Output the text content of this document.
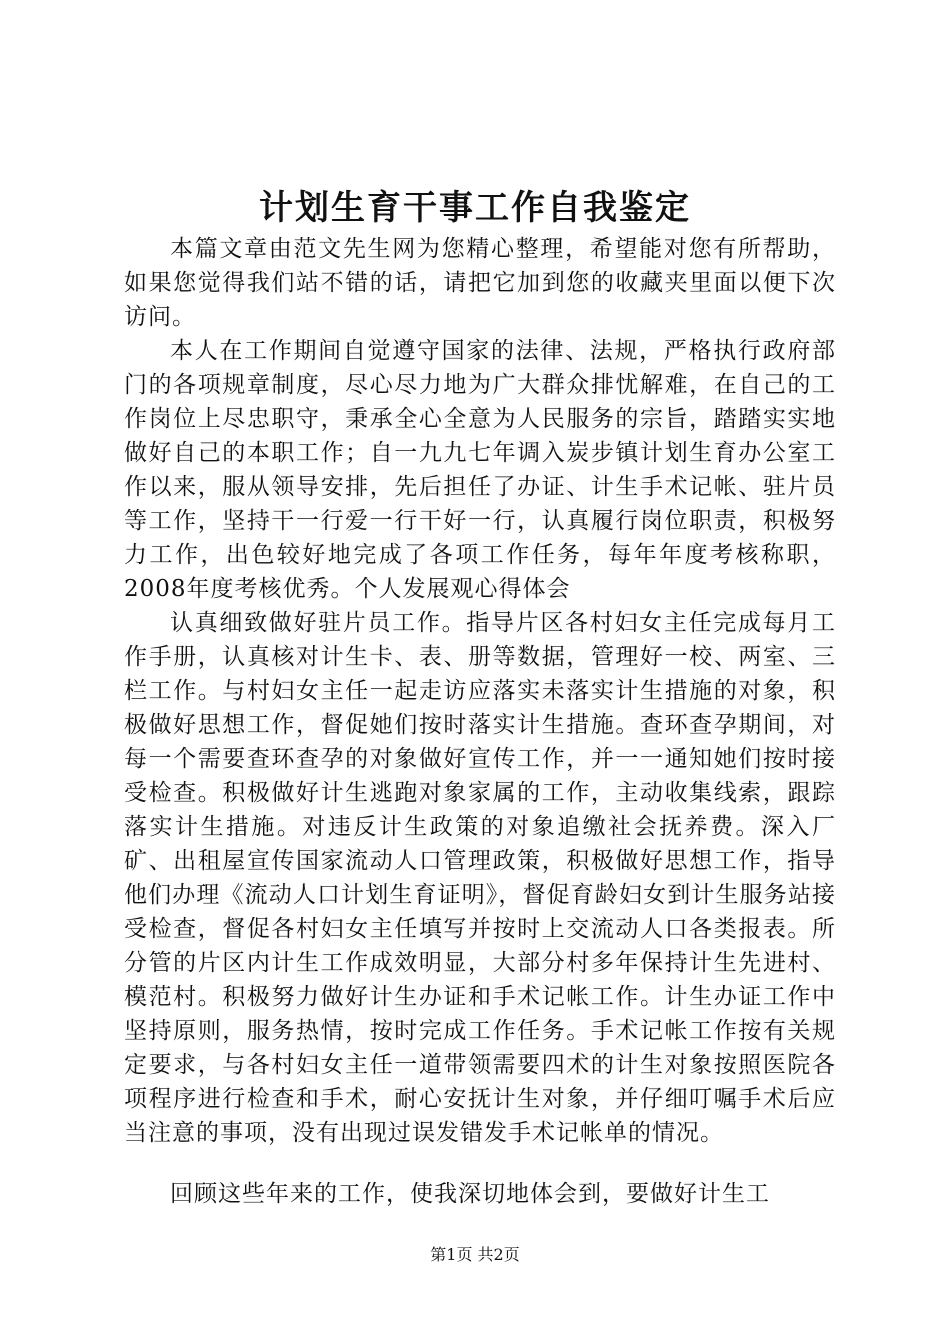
计划生育干事工作自我鉴定

本篇文章由范文先生网为您精心整理，希望能对您有所帮助，如果您觉得我们站不错的话，请把它加到您的收藏夹里面以便下次访问。

本人在工作期间自觉遵守国家的法律、法规，严格执行政府部门的各项规章制度，尽心尽力地为广大群众排忧解难，在自己的工作岗位上尽忠职守，秉承全心全意为人民服务的宗旨，踏踏实实地做好自己的本职工作；自一九九七年调入炭步镇计划生育办公室工作以来，服从领导安排，先后担任了办证、计生手术记帐、驻片员等工作，坚持干一行爱一行干好一行，认真履行岗位职责，积极努力工作，出色较好地完成了各项工作任务，每年年度考核称职，2008年度考核优秀。个人发展观心得体会

认真细致做好驻片员工作。指导片区各村妇女主任完成每月工作手册，认真核对计生卡、表、册等数据，管理好一校、两室、三栏工作。与村妇女主任一起走访应落实未落实计生措施的对象，积极做好思想工作，督促她们按时落实计生措施。查环查孕期间，对每一个需要查环查孕的对象做好宣传工作，并一一通知她们按时接受检查。积极做好计生逃跑对象家属的工作，主动收集线索，跟踪落实计生措施。对违反计生政策的对象追缴社会抚养费。深入厂矿、出租屋宣传国家流动人口管理政策，积极做好思想工作，指导他们办理《流动人口计划生育证明》，督促育龄妇女到计生服务站接受检查，督促各村妇女主任填写并按时上交流动人口各类报表。所分管的片区内计生工作成效明显，大部分村多年保持计生先进村、模范村。积极努力做好计生办证和手术记帐工作。计生办证工作中坚持原则，服务热情，按时完成工作任务。手术记帐工作按有关规定要求，与各村妇女主任一道带领需要四术的计生对象按照医院各项程序进行检查和手术，耐心安抚计生对象，并仔细叮嘱手术后应当注意的事项，没有出现过误发错发手术记帐单的情况。

回顾这些年来的工作，使我深切地体会到，要做好计生工

第1页 共2页
